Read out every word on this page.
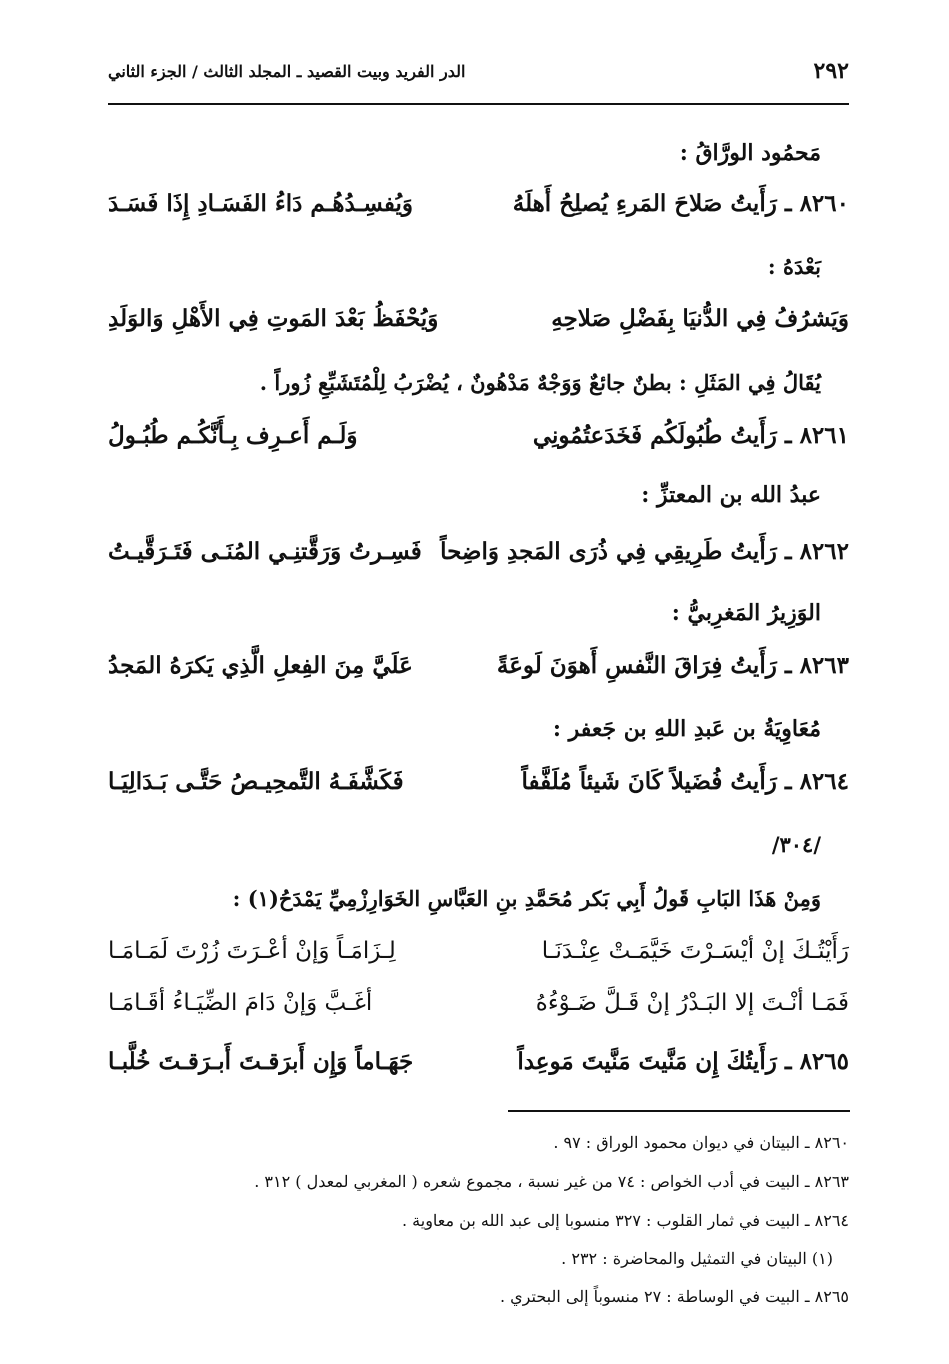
٢٩٢
الدر الفريد وبيت القصيد ـ المجلد الثالث / الجزء الثاني
مَحمُود الورَّاقُ :
٨٢٦٠ ـ رَأَيتُ صَلاحَ المَرءِ يُصلِحُ أَهلَهُ
وَيُفسِـدُهُـم دَاءُ الفَسَـادِ إِذَا فَسَـدَ
بَعْدَهُ :
وَيَشرُفُ فِي الدُّنيَا بِفَضْلِ صَلاحِهِ
وَيُحْفَظُ بَعْدَ المَوتِ فِي الأَهْلِ وَالوَلَدِ
يُقَالُ فِي المَثَلِ : بطنٌ جائعٌ وَوَجْهٌ مَدْهُونٌ ، يُضْرَبُ لِلْمُتَشَبِّعِ زُوراً .
٨٢٦١ ـ رَأَيتُ طُبُولَكُم فَخَدَعتُمُونِي
وَلَـم أَعـرِف بِـأَنَّكُـم طُبُـولُ
عبدُ الله بن المعتزِّ :
٨٢٦٢ ـ رَأَيتُ طَرِيقِي فِي ذُرَى المَجدِ وَاضِحاً
فَسِـرتُ وَرَقَّتنِـي المُنَـى فَتَـرَقَّيـتُ
الوَزِيرُ المَغرِبيُّ :
٨٢٦٣ ـ رَأَيتُ فِرَاقَ النَّفسِ أَهوَنَ لَوعَةً
عَلَيَّ مِنَ الفِعلِ الَّذِي يَكرَهُ المَجدُ
مُعَاوِيَةُ بن عَبدِ اللهِ بن جَعفر :
٨٢٦٤ ـ رَأَيتُ فُضَيلاً كَانَ شَيئاً مُلَفَّفاً
فَكَشَّفَـهُ التَّمحِيـصُ حَتَّـى بَـدَالِيَـا
/٣٠٤/
وَمِنْ هَذَا البَابِ قَولُ أَبِي بَكر مُحَمَّدِ بنِ العَبَّاسِ الخَوَارِزْمِيِّ يَمْدَحُ(١) :
رَأَيْتُـكَ إنْ أيْسَـرْتَ خَيَّمَـتْ عِنْـدَنَـا
لِـزَامَـاً وَإنْ أعْـرَتَ زُرْتَ لَمَـامَـا
فَمَـا أنْـتَ إلا البَـدْرُ إنْ قَـلَّ ضَـوْءُهُ
أغَـبَّ وَإنْ دَامَ الضِّيَـاءُ أقَـامَـا
٨٢٦٥ ـ رَأَيتُكَ إِن مَنَّيتَ مَنَّيتَ مَوعِداً
جَهَـاماً وَإِن أَبرَقـتَ أَبـرَقـتَ خُلَّبـا
٨٢٦٠ ـ البيتان في ديوان محمود الوراق : ٩٧ .
٨٢٦٣ ـ البيت في أدب الخواص : ٧٤ من غير نسبة ، مجموع شعره ( المغربي لمعدل ) ٣١٢ .
٨٢٦٤ ـ البيت في ثمار القلوب : ٣٢٧ منسوبا إلى عبد الله بن معاوية .
(١) البيتان في التمثيل والمحاضرة : ٢٣٢ .
٨٢٦٥ ـ البيت في الوساطة : ٢٧ منسوباً إلى البحتري .
